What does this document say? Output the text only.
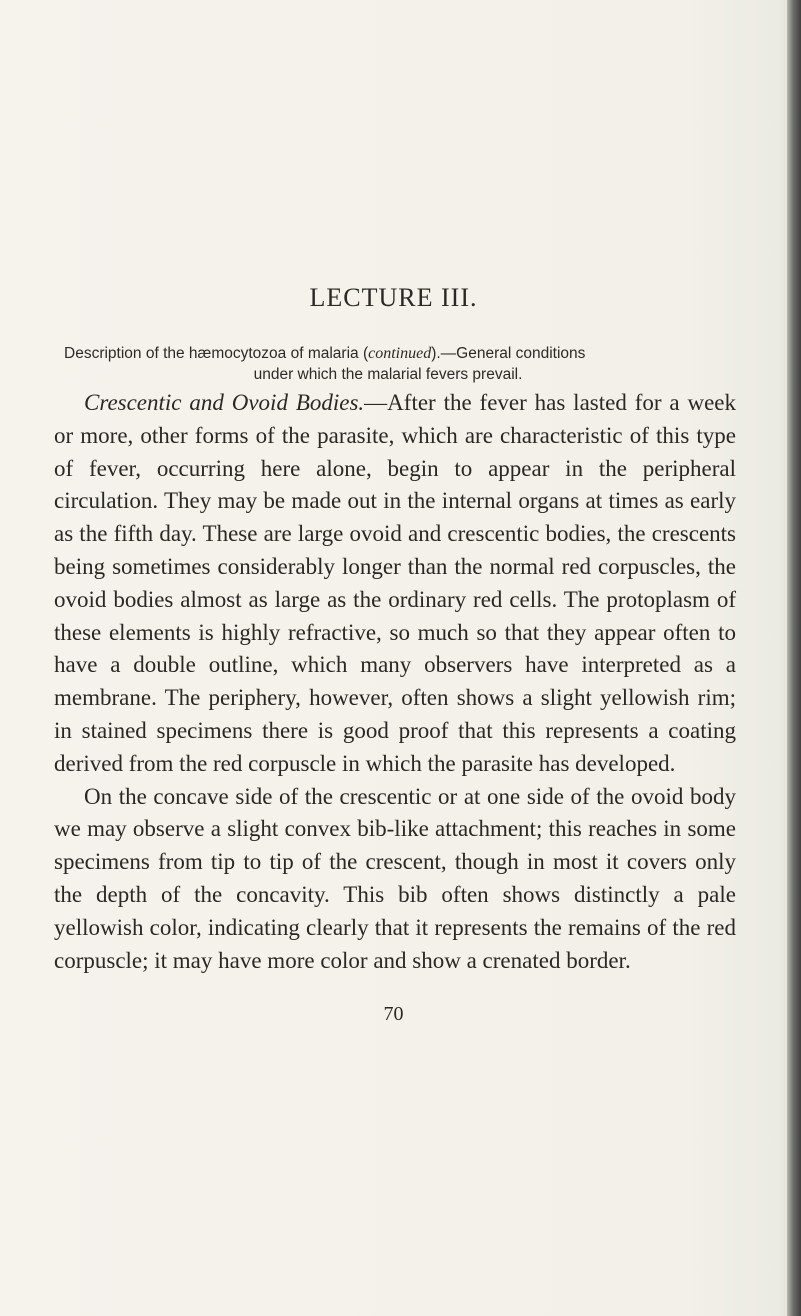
LECTURE III.
Description of the hæmocytozoa of malaria (continued).—General conditions
under which the malarial fevers prevail.

Crescentic and Ovoid Bodies.—After the fever has lasted for a week or more, other forms of the parasite, which are characteristic of this type of fever, occurring here alone, begin to appear in the peripheral circulation. They may be made out in the internal organs at times as early as the fifth day. These are large ovoid and crescentic bodies, the crescents being sometimes considerably longer than the normal red corpuscles, the ovoid bodies almost as large as the ordinary red cells. The protoplasm of these elements is highly refractive, so much so that they appear often to have a double outline, which many observers have interpreted as a membrane. The periphery, however, often shows a slight yellowish rim; in stained specimens there is good proof that this represents a coating derived from the red corpuscle in which the parasite has developed.

On the concave side of the crescentic or at one side of the ovoid body we may observe a slight convex bib-like attachment; this reaches in some specimens from tip to tip of the crescent, though in most it covers only the depth of the concavity. This bib often shows distinctly a pale yellowish color, indicating clearly that it represents the remains of the red corpuscle; it may have more color and show a crenated border.

70
